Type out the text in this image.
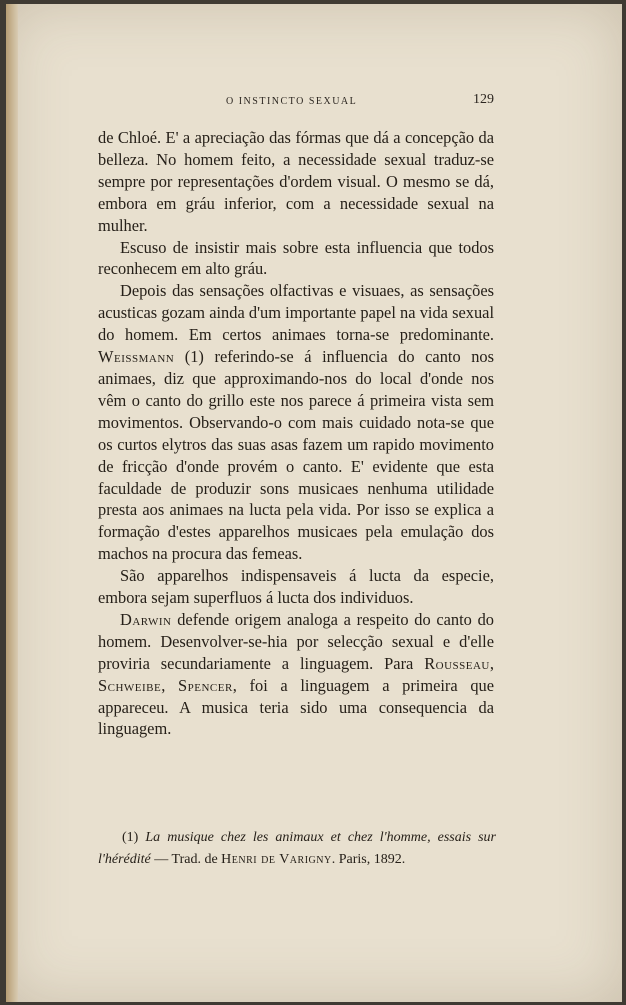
O INSTINCTO SEXUAL	129

de Chloé. E' a apreciação das fórmas que dá a concepção da belleza. No homem feito, a necessidade sexual traduz-se sempre por representações d'ordem visual. O mesmo se dá, embora em gráu inferior, com a necessidade sexual na mulher.

Escuso de insistir mais sobre esta influencia que todos reconhecem em alto gráu.

Depois das sensações olfactivas e visuaes, as sensações acusticas gozam ainda d'um importante papel na vida sexual do homem. Em certos animaes torna-se predominante. Weissmann (1) referindo-se á influencia do canto nos animaes, diz que approximando-nos do local d'onde nos vêm o canto do grillo este nos parece á primeira vista sem movimentos. Observando-o com mais cuidado nota-se que os curtos elytros das suas asas fazem um rapido movimento de fricção d'onde provém o canto. E' evidente que esta faculdade de produzir sons musicaes nenhuma utilidade presta aos animaes na lucta pela vida. Por isso se explica a formação d'estes apparelhos musicaes pela emulação dos machos na procura das femeas.

São apparelhos indispensaveis á lucta da especie, embora sejam superfluos á lucta dos individuos.

Darwin defende origem analoga a respeito do canto do homem. Desenvolver-se-hia por selecção sexual e d'elle proviria secundariamente a linguagem. Para Rousseau, Schweibe, Spencer, foi a linguagem a primeira que appareceu. A musica teria sido uma consequencia da linguagem.

(1) La musique chez les animaux et chez l'homme, essais sur l'hérédité — Trad. de Henri de Varigny. Paris, 1892.
